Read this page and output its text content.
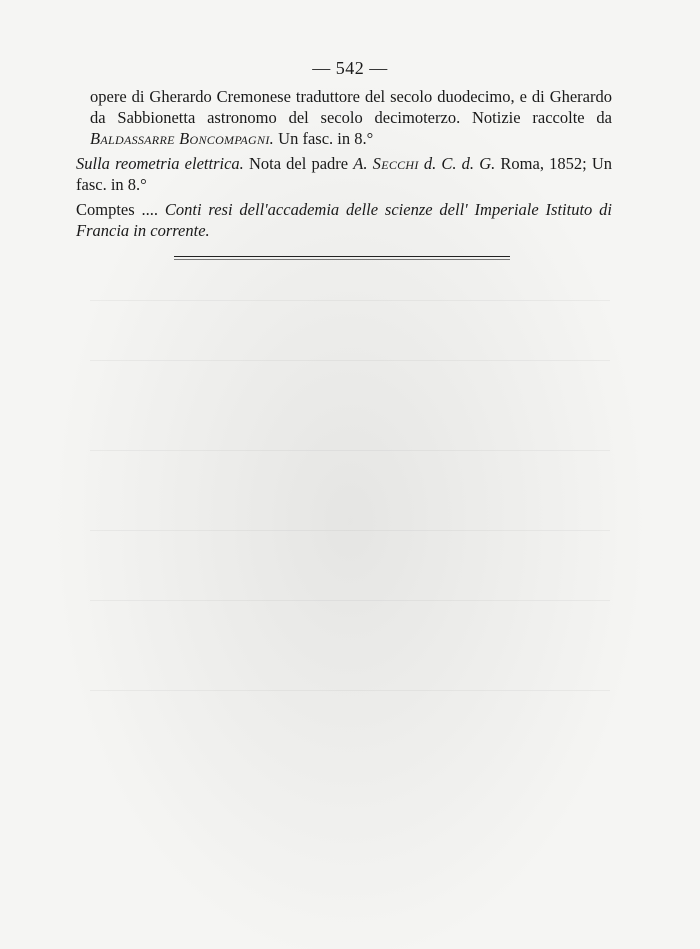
— 542 —

opere di Gherardo Cremonese traduttore del secolo duodecimo, e di Gherardo da Sabbionetta astronomo del secolo decimoterzo. Notizie raccolte da Baldassarre Boncompagni. Un fasc. in 8.°

Sulla reometria elettrica. Nota del padre A. Secchi d. C. d. G. Roma, 1852; Un fasc. in 8.°

Comptes .... Conti resi dell'accademia delle scienze dell' Imperiale Istituto di Francia in corrente.
